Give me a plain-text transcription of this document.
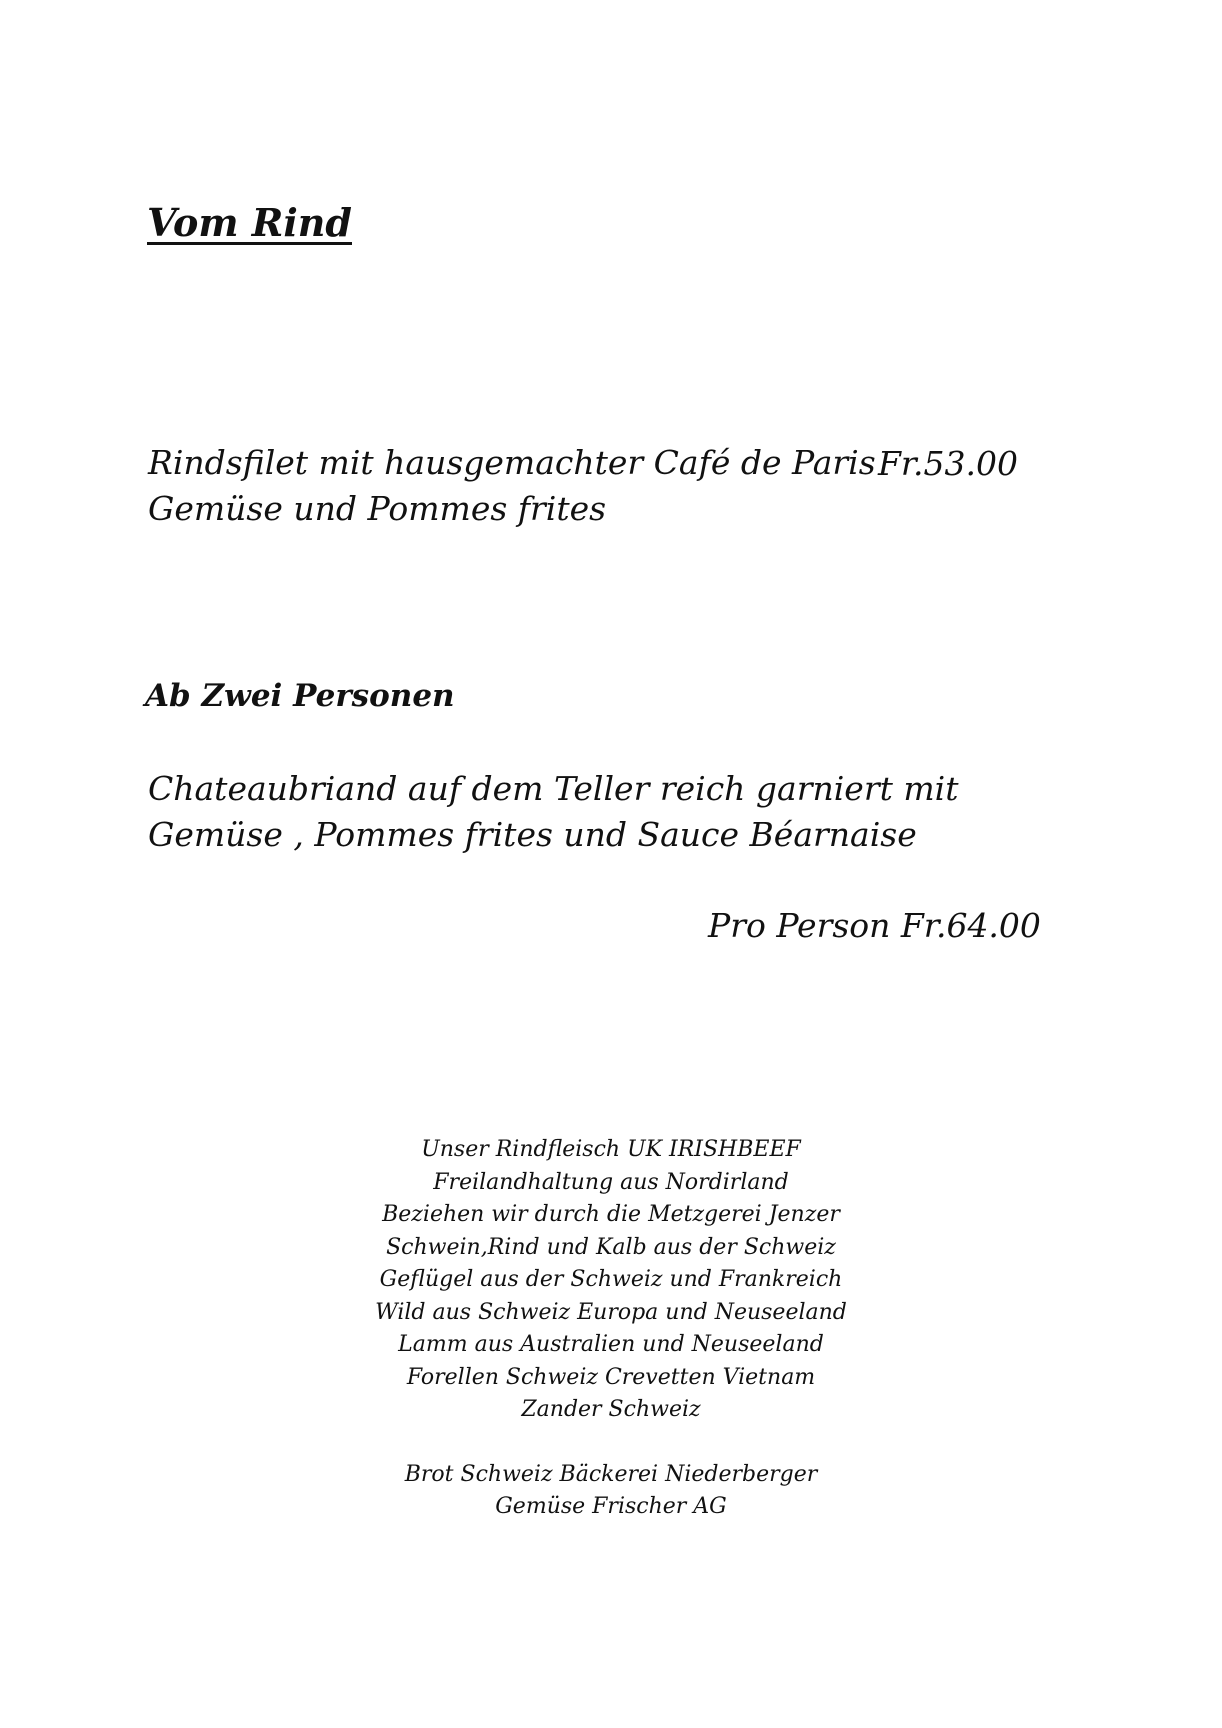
Vom Rind
Rindsfilet mit hausgemachter Café de Paris
Gemüse und Pommes frites
Fr.53.00
Ab Zwei Personen
Chateaubriand auf dem Teller reich garniert mit
Gemüse , Pommes frites und Sauce Béarnaise
Pro Person Fr.64.00
Unser Rindfleisch UK IRISHBEEF
Freilandhaltung aus Nordirland
Beziehen wir durch die Metzgerei Jenzer
Schwein,Rind und Kalb aus der Schweiz
Geflügel aus der Schweiz und Frankreich
Wild aus Schweiz Europa und Neuseeland
Lamm aus Australien und Neuseeland
Forellen Schweiz Crevetten Vietnam
Zander Schweiz
Brot Schweiz Bäckerei Niederberger
Gemüse Frischer AG
